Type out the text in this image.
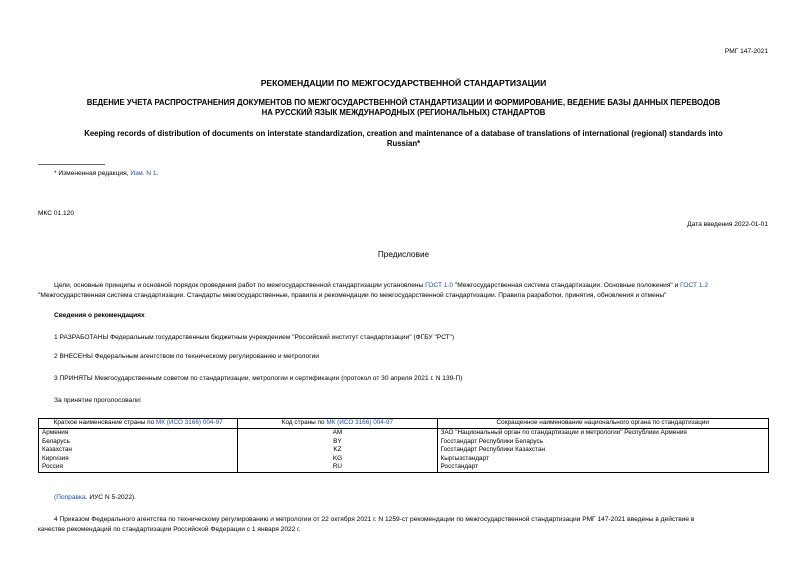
РМГ 147-2021
РЕКОМЕНДАЦИИ ПО МЕЖГОСУДАРСТВЕННОЙ СТАНДАРТИЗАЦИИ
ВЕДЕНИЕ УЧЕТА РАСПРОСТРАНЕНИЯ ДОКУМЕНТОВ ПО МЕЖГОСУДАРСТВЕННОЙ СТАНДАРТИЗАЦИИ И ФОРМИРОВАНИЕ, ВЕДЕНИЕ БАЗЫ ДАННЫХ ПЕРЕВОДОВ
НА РУССКИЙ ЯЗЫК МЕЖДУНАРОДНЫХ (РЕГИОНАЛЬНЫХ) СТАНДАРТОВ
Keeping records of distribution of documents on interstate standardization, creation and maintenance of a database of translations of international (regional) standards into
Russian*
* Измененная редакция, Изм. N 1.
МКС 01.120
Дата введения 2022-01-01
Предисловие
Цели, основные принципы и основной порядок проведения работ по межгосударственной стандартизации установлены ГОСТ 1.0 "Межгосударственная система стандартизации. Основные положения" и ГОСТ 1.2
"Межгосударственная система стандартизации. Стандарты межгосударственные, правила и рекомендации по межгосударственной стандартизации. Правила разработки, принятия, обновления и отмены"
Сведения о рекомендациях
1 РАЗРАБОТАНЫ Федеральным государственным бюджетным учреждением "Российский институт стандартизации" (ФГБУ "РСТ")
2 ВНЕСЕНЫ Федеральным агентством по техническому регулированию и метрологии
3 ПРИНЯТЫ Межгосударственным советом по стандартизации, метрологии и сертификации (протокол от 30 апреля 2021 г. N 139-П)
За принятие проголосовали:
Краткое наименование страны по МК (ИСО 3166) 004-97	Код страны по МК (ИСО 3166) 004-97	Сокращенное наименование национального органа по стандартизации
Армения	AM	ЗАО "Национальный орган по стандартизации и метрологии" Республики Армения
Беларусь	BY	Госстандарт Республики Беларусь
Казахстан	KZ	Госстандарт Республики Казахстан
Киргизия	KG	Кыргызстандарт
Россия	RU	Росстандарт
(Поправка. ИУС N 5-2022).
4 Приказом Федерального агентства по техническому регулированию и метрологии от 22 октября 2021 г. N 1259-ст рекомендации по межгосударственной стандартизации РМГ 147-2021 введены в действие в
качестве рекомендаций по стандартизации Российской Федерации с 1 января 2022 г.
